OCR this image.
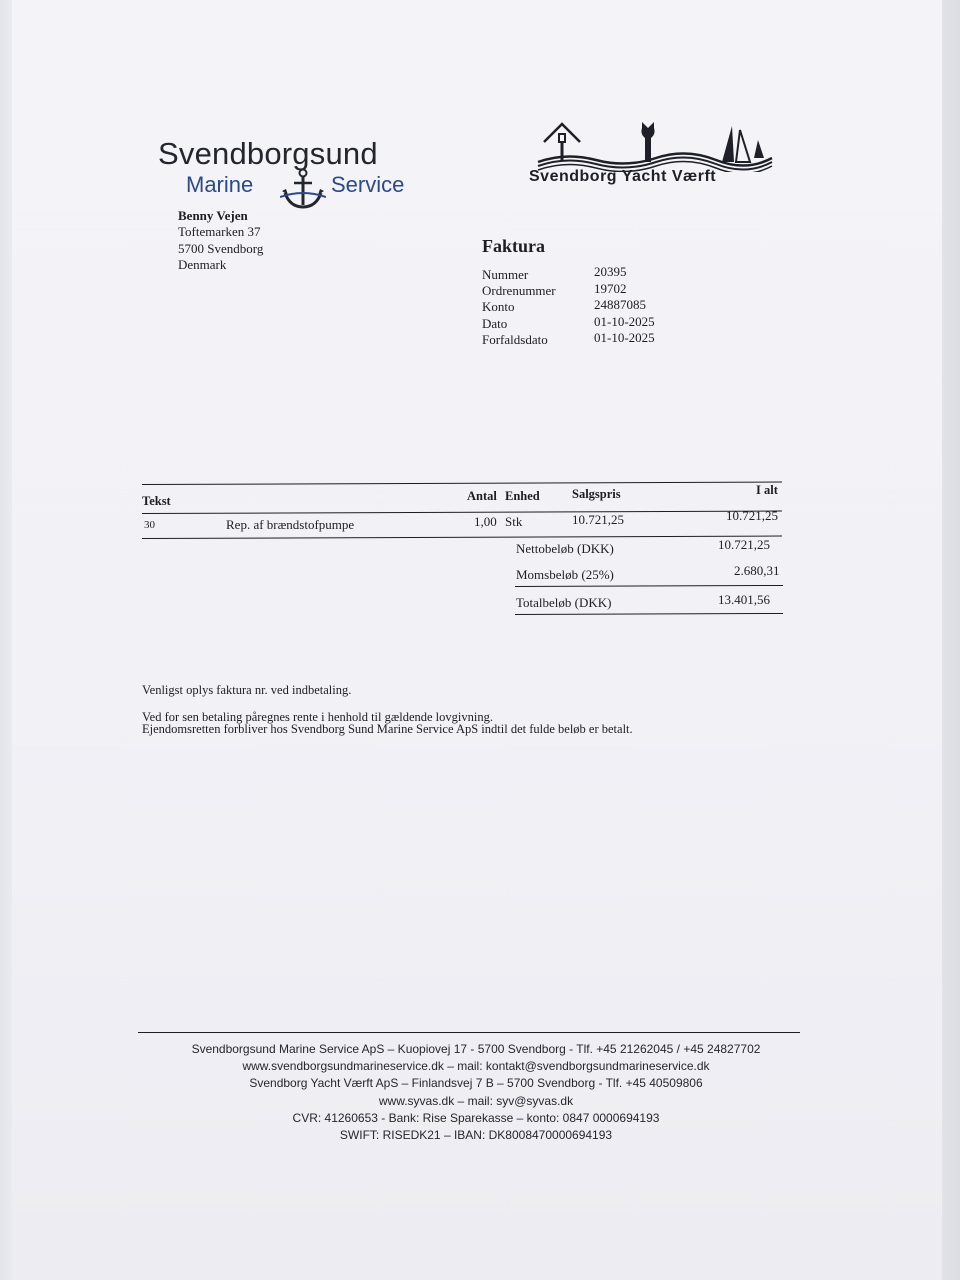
Svendborgsund
Marine	Service	Svendborg Yacht Værft
Benny Vejen
Toftemarken 37
5700 Svendborg
Denmark
Faktura
Nummer	20395
Ordrenummer	19702
Konto	24887085
Dato	01-10-2025
Forfaldsdato	01-10-2025
Tekst	Antal Enhed	Salgspris	I alt
30	Rep. af brændstofpumpe	1,00 Stk	10.721,25	10.721,25
Nettobeløb (DKK)	10.721,25
Momsbeløb (25%)	2.680,31
Totalbeløb (DKK)	13.401,56
Venligst oplys faktura nr. ved indbetaling.
Ved for sen betaling påregnes rente i henhold til gældende lovgivning.
Ejendomsretten forbliver hos Svendborg Sund Marine Service ApS indtil det fulde beløb er betalt.
Svendborgsund Marine Service ApS – Kuopiovej 17 - 5700 Svendborg - Tlf. +45 21262045 / +45 24827702
www.svendborgsundmarineservice.dk – mail: kontakt@svendborgsundmarineservice.dk
Svendborg Yacht Værft ApS – Finlandsvej 7 B – 5700 Svendborg - Tlf. +45 40509806
www.syvas.dk – mail: syv@syvas.dk
CVR: 41260653 - Bank: Rise Sparekasse – konto: 0847 0000694193
SWIFT: RISEDK21 – IBAN: DK8008470000694193
